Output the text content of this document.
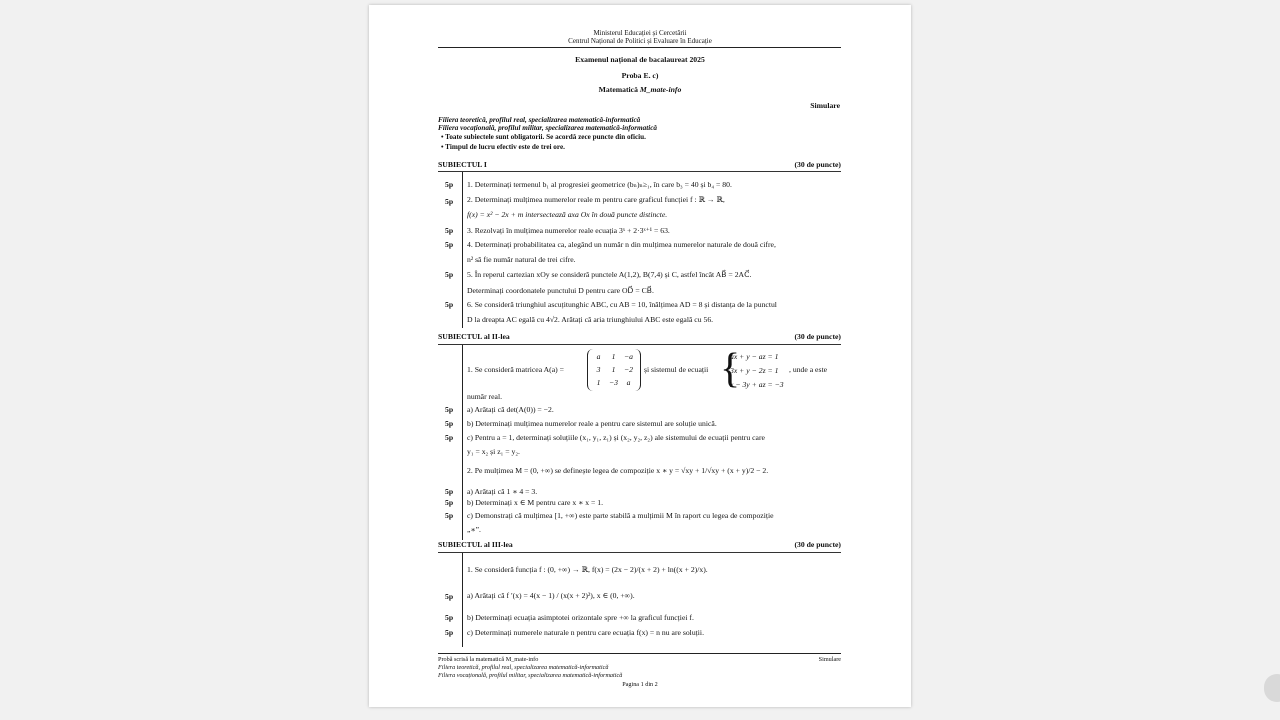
Ministerul Educației și Cercetării
Centrul Național de Politici și Evaluare în Educație
Examenul național de bacalaureat 2025
Proba E. c)
Matematică M_mate-info
Simulare
Filiera teoretică, profilul real, specializarea matematică-informatică
Filiera vocațională, profilul militar, specializarea matematică-informatică
• Toate subiectele sunt obligatorii. Se acordă zece puncte din oficiu.
• Timpul de lucru efectiv este de trei ore.
SUBIECTUL I	(30 de puncte)
5p 1. Determinați termenul b₁ al progresiei geometrice (bₙ)ₙ≥₁, în care b₃ = 40 și b₄ = 80.
5p 2. Determinați mulțimea numerelor reale m pentru care graficul funcției f : ℝ → ℝ,
f(x) = x² − 2x + m intersectează axa Ox în două puncte distincte.
5p 3. Rezolvați în mulțimea numerelor reale ecuația 3ˣ + 2·3ˣ⁺¹ = 63.
5p 4. Determinați probabilitatea ca, alegând un număr n din mulțimea numerelor naturale de două cifre,
n² să fie număr natural de trei cifre.
5p 5. În reperul cartezian xOy se consideră punctele A(1,2), B(7,4) și C, astfel încât AB⃗ = 2AC⃗.
Determinați coordonatele punctului D pentru care OD⃗ = CB⃗.
5p 6. Se consideră triunghiul ascuțitunghic ABC, cu AB = 10, înălțimea AD = 8 și distanța de la punctul
D la dreapta AC egală cu 4√2. Arătați că aria triunghiului ABC este egală cu 56.
SUBIECTUL al II-lea	(30 de puncte)
1. Se consideră matricea A(a) =
a	1	−a
3	1	−2
1	−3	a
și sistemul de ecuații {
ax + y − az = 1
3x + y − 2z = 1
x − 3y + az = −3
, unde a este
număr real.
5p a) Arătați că det(A(0)) = −2.
5p b) Determinați mulțimea numerelor reale a pentru care sistemul are soluție unică.
5p c) Pentru a = 1, determinați soluțiile (x₁, y₁, z₁) și (x₂, y₂, z₂) ale sistemului de ecuații pentru care
y₁ = x₂ și z₁ = y₂.
2. Pe mulțimea M = (0, +∞) se definește legea de compoziție x ∗ y = √xy + 1/√xy + (x + y)/2 − 2.
5p a) Arătați că 1 ∗ 4 = 3.
5p b) Determinați x ∈ M pentru care x ∗ x = 1.
5p c) Demonstrați că mulțimea [1, +∞) este parte stabilă a mulțimii M în raport cu legea de compoziție
„∗”.
SUBIECTUL al III-lea	(30 de puncte)
1. Se consideră funcția f : (0, +∞) → ℝ, f(x) = (2x − 2)/(x + 2) + ln((x + 2)/x).
5p a) Arătați că f ′(x) = 4(x − 1) / (x(x + 2)²), x ∈ (0, +∞).
5p b) Determinați ecuația asimptotei orizontale spre +∞ la graficul funcției f.
5p c) Determinați numerele naturale n pentru care ecuația f(x) = n nu are soluții.
Probă scrisă la matematică M_mate-info	Simulare
Filiera teoretică, profilul real, specializarea matematică-informatică
Filiera vocațională, profilul militar, specializarea matematică-informatică
Pagina 1 din 2
